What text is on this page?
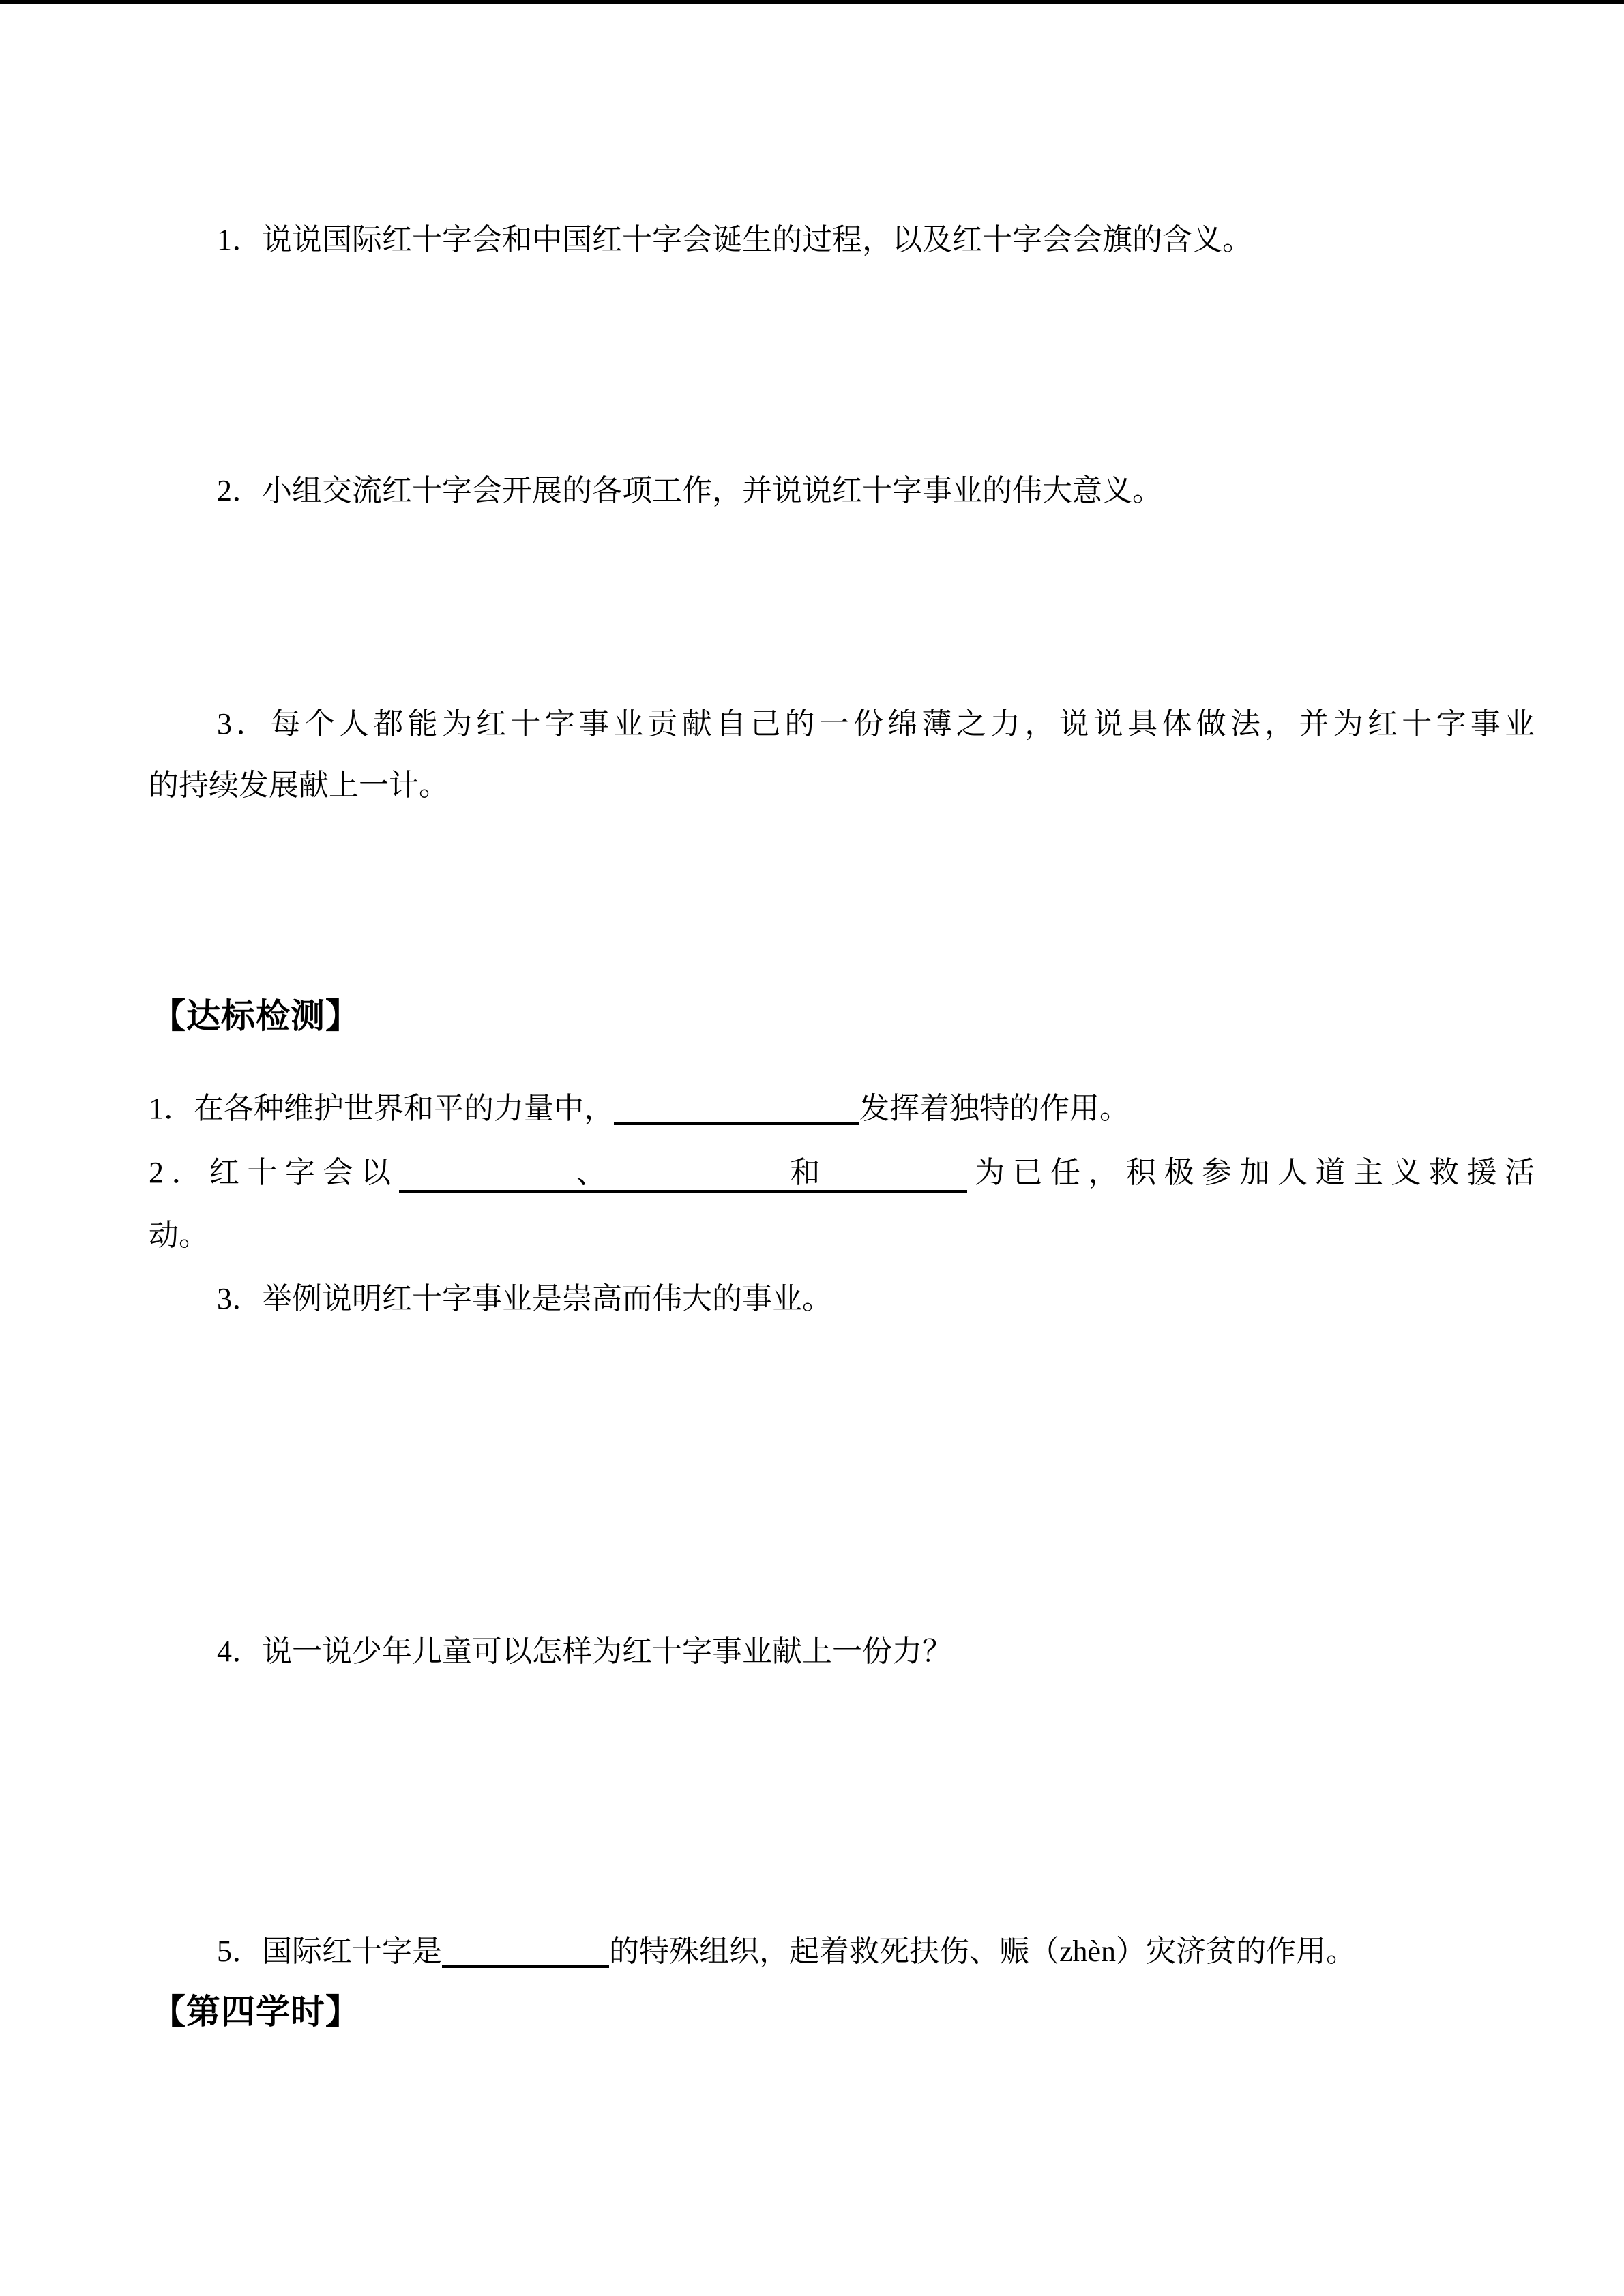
1．说说国际红十字会和中国红十字会诞生的过程，以及红十字会会旗的含义。
2．小组交流红十字会开展的各项工作，并说说红十字事业的伟大意义。
3．每个人都能为红十字事业贡献自己的一份绵薄之力，说说具体做法，并为红十字事业
的持续发展献上一计。
【达标检测】
1．在各种维护世界和平的力量中，	发挥着独特的作用。
2．红十字会以	、	和	为已任，积极参加人道主义救援活
动。
3．举例说明红十字事业是崇高而伟大的事业。
4．说一说少年儿童可以怎样为红十字事业献上一份力？
5．国际红十字是	的特殊组织，起着救死扶伤、赈（zhèn）灾济贫的作用。
【第四学时】
